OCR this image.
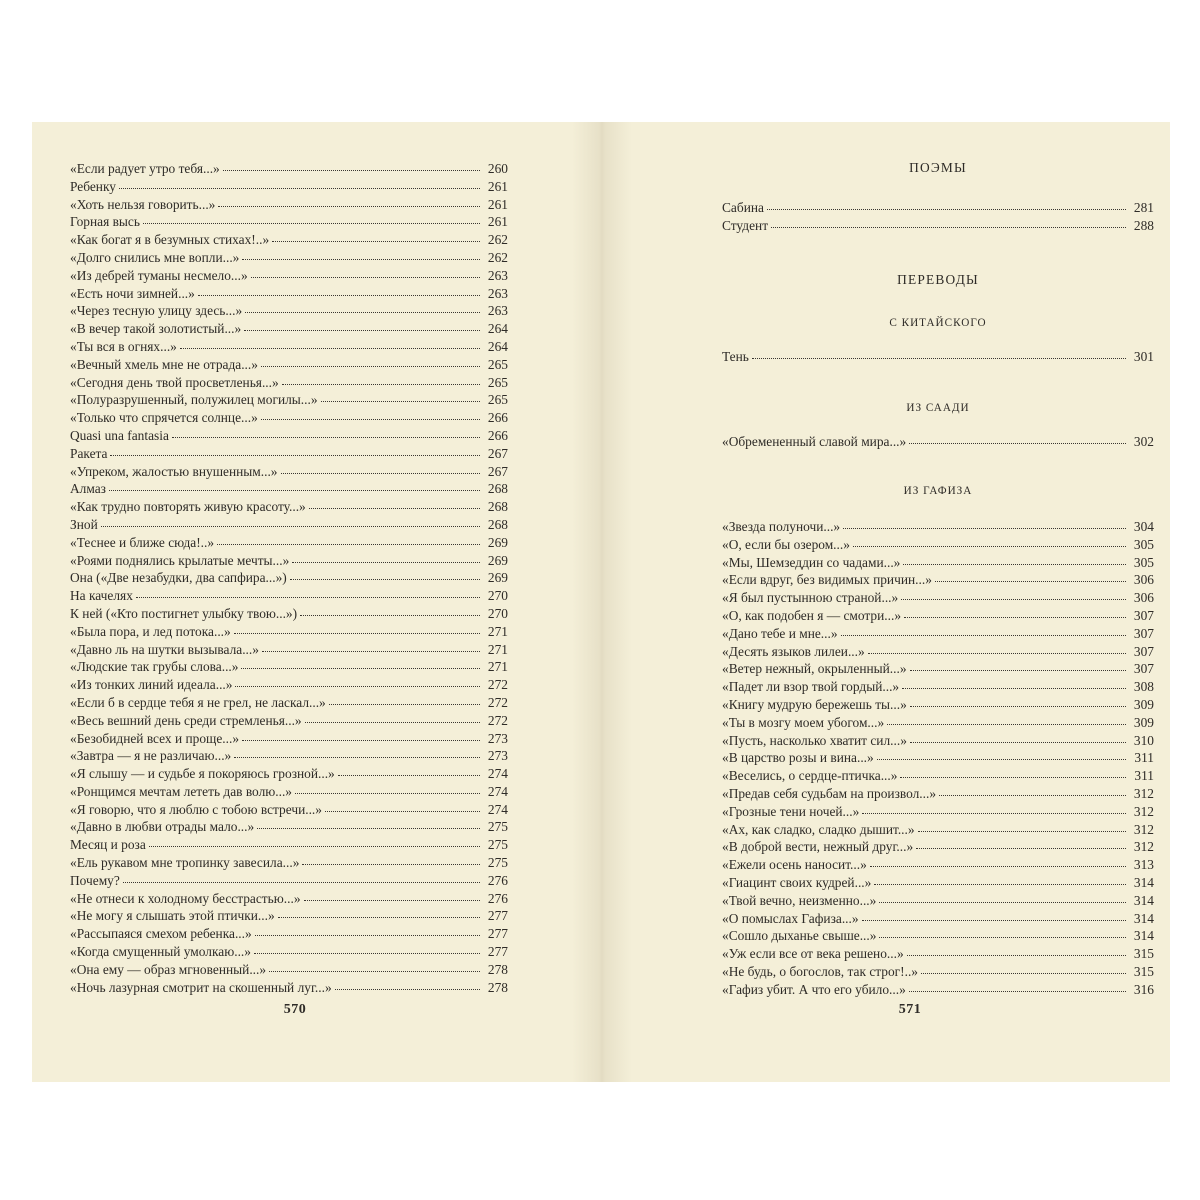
«Если радует утро тебя...»	260
Ребенку	261
«Хоть нельзя говорить...»	261
Горная высь	261
«Как богат я в безумных стихах!..»	262
«Долго снились мне вопли...»	262
«Из дебрей туманы несмело...»	263
«Есть ночи зимней...»	263
«Через тесную улицу здесь...»	263
«В вечер такой золотистый...»	264
«Ты вся в огнях...»	264
«Вечный хмель мне не отрада...»	265
«Сегодня день твой просветленья...»	265
«Полуразрушенный, полужилец могилы...»	265
«Только что спрячется солнце...»	266
Quasi una fantasia	266
Ракета	267
«Упреком, жалостью внушенным...»	267
Алмаз	268
«Как трудно повторять живую красоту...»	268
Зной	268
«Теснее и ближе сюда!..»	269
«Роями поднялись крылатые мечты...»	269
Она («Две незабудки, два сапфира...»)	269
На качелях	270
К ней («Кто постигнет улыбку твою...»)	270
«Была пора, и лед потока...»	271
«Давно ль на шутки вызывала...»	271
«Людские так грубы слова...»	271
«Из тонких линий идеала...»	272
«Если б в сердце тебя я не грел, не ласкал...»	272
«Весь вешний день среди стремленья...»	272
«Безобидней всех и проще...»	273
«Завтра — я не различаю...»	273
«Я слышу — и судьбе я покоряюсь грозной...»	274
«Ронщимся мечтам лететь дав волю...»	274
«Я говорю, что я люблю с тобою встречи...»	274
«Давно в любви отрады мало...»	275
Месяц и роза	275
«Ель рукавом мне тропинку завесила...»	275
Почему?	276
«Не отнеси к холодному бесстрастью...»	276
«Не могу я слышать этой птички...»	277
«Рассыпаяся смехом ребенка...»	277
«Когда смущенный умолкаю...»	277
«Она ему — образ мгновенный...»	278
«Ночь лазурная смотрит на скошенный луг...»	278
570
ПОЭМЫ
Сабина	281
Студент	288
ПЕРЕВОДЫ
С КИТАЙСКОГО
Тень	301
ИЗ СААДИ
«Обремененный славой мира...»	302
ИЗ ГАФИЗА
«Звезда полуночи...»	304
«О, если бы озером...»	305
«Мы, Шемзеддин со чадами...»	305
«Если вдруг, без видимых причин...»	306
«Я был пустынною страной...»	306
«О, как подобен я — смотри...»	307
«Дано тебе и мне...»	307
«Десять языков лилеи...»	307
«Ветер нежный, окрыленный...»	307
«Падет ли взор твой гордый...»	308
«Книгу мудрую бережешь ты...»	309
«Ты в мозгу моем убогом...»	309
«Пусть, насколько хватит сил...»	310
«В царство розы и вина...»	311
«Веселись, о сердце-птичка...»	311
«Предав себя судьбам на произвол...»	312
«Грозные тени ночей...»	312
«Ах, как сладко, сладко дышит...»	312
«В доброй вести, нежный друг...»	312
«Ежели осень наносит...»	313
«Гиацинт своих кудрей...»	314
«Твой вечно, неизменно...»	314
«О помыслах Гафиза...»	314
«Сошло дыханье свыше...»	314
«Уж если все от века решено...»	315
«Не будь, о богослов, так строг!..»	315
«Гафиз убит. А что его убило...»	316
571
